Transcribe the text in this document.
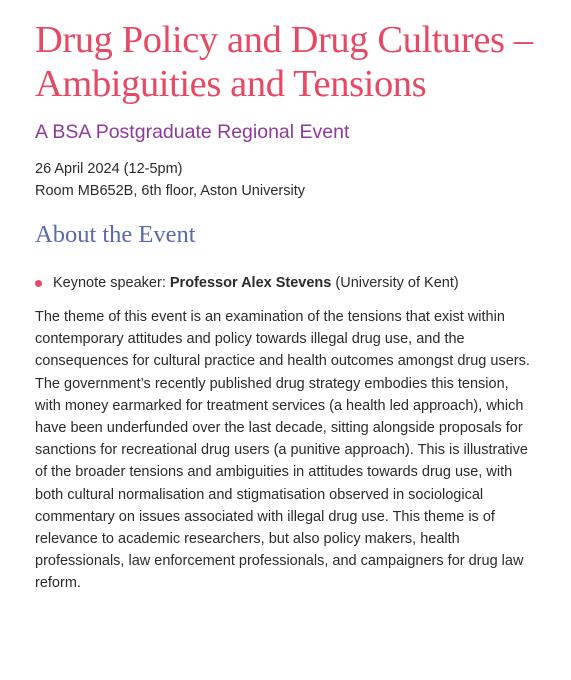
Drug Policy and Drug Cultures – Ambiguities and Tensions
A BSA Postgraduate Regional Event
26 April 2024 (12-5pm)
Room MB652B, 6th floor, Aston University
About the Event
Keynote speaker: Professor Alex Stevens (University of Kent)

The theme of this event is an examination of the tensions that exist within contemporary attitudes and policy towards illegal drug use, and the consequences for cultural practice and health outcomes amongst drug users. The government’s recently published drug strategy embodies this tension, with money earmarked for treatment services (a health led approach), which have been underfunded over the last decade, sitting alongside proposals for sanctions for recreational drug users (a punitive approach). This is illustrative of the broader tensions and ambiguities in attitudes towards drug use, with both cultural normalisation and stigmatisation observed in sociological commentary on issues associated with illegal drug use. This theme is of relevance to academic researchers, but also policy makers, health professionals, law enforcement professionals, and campaigners for drug law reform.
